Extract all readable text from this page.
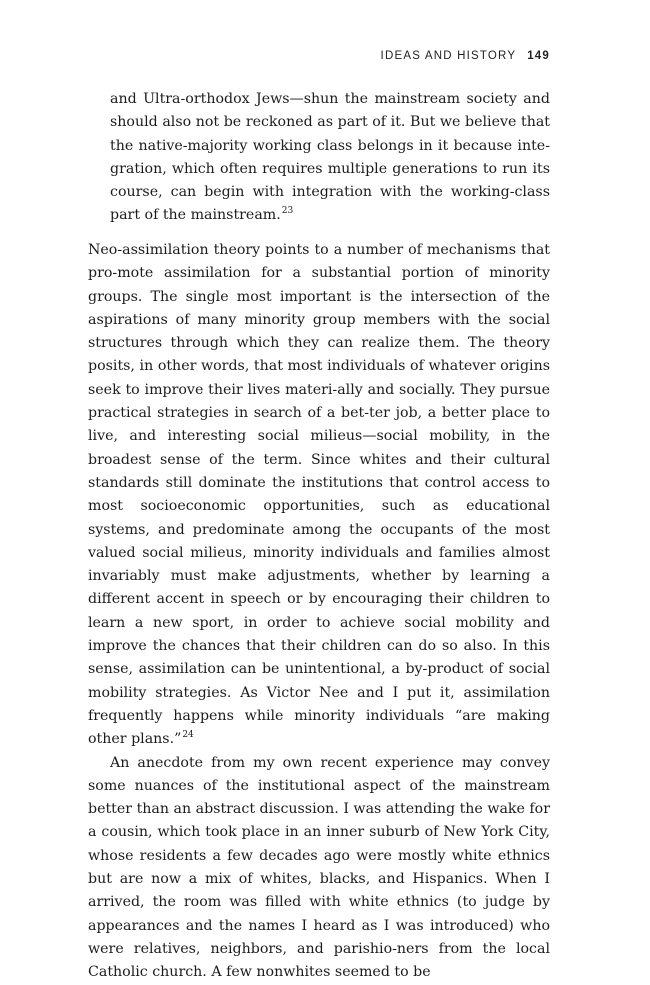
IDEAS AND HISTORY 149

and Ultra-orthodox Jews—shun the mainstream society and should also not be reckoned as part of it. But we believe that the native-majority working class belongs in it because inte-gration, which often requires multiple generations to run its course, can begin with integration with the working-class part of the mainstream.$^{23}$

Neo-assimilation theory points to a number of mechanisms that pro-mote assimilation for a substantial portion of minority groups. The single most important is the intersection of the aspirations of many minority group members with the social structures through which they can realize them. The theory posits, in other words, that most individuals of whatever origins seek to improve their lives materi-ally and socially. They pursue practical strategies in search of a bet-ter job, a better place to live, and interesting social milieus—social mobility, in the broadest sense of the term. Since whites and their cultural standards still dominate the institutions that control access to most socioeconomic opportunities, such as educational systems, and predominate among the occupants of the most valued social milieus, minority individuals and families almost invariably must make adjustments, whether by learning a different accent in speech or by encouraging their children to learn a new sport, in order to achieve social mobility and improve the chances that their children can do so also. In this sense, assimilation can be unintentional, a by-product of social mobility strategies. As Victor Nee and I put it, assimilation frequently happens while minority individuals “are making other plans.”$^{24}$

An anecdote from my own recent experience may convey some nuances of the institutional aspect of the mainstream better than an abstract discussion. I was attending the wake for a cousin, which took place in an inner suburb of New York City, whose residents a few decades ago were mostly white ethnics but are now a mix of whites, blacks, and Hispanics. When I arrived, the room was filled with white ethnics (to judge by appearances and the names I heard as I was introduced) who were relatives, neighbors, and parishio-ners from the local Catholic church. A few nonwhites seemed to be
